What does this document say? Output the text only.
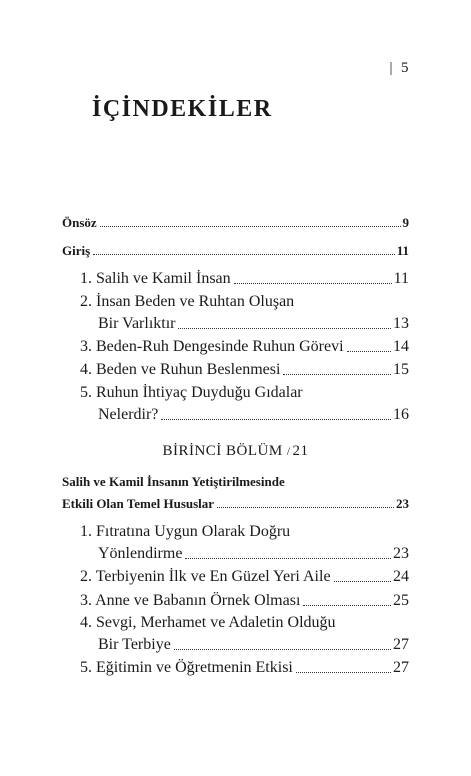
| 5
İÇİNDEKİLER
Önsöz	9
Giriş	11
1. Salih ve Kamil İnsan	11
2. İnsan Beden ve Ruhtan Oluşan
Bir Varlıktır	13
3. Beden-Ruh Dengesinde Ruhun Görevi	14
4. Beden ve Ruhun Beslenmesi	15
5. Ruhun İhtiyaç Duyduğu Gıdalar
Nelerdir?	16
BİRİNCİ BÖLÜM / 21
Salih ve Kamil İnsanın Yetiştirilmesinde
Etkili Olan Temel Hususlar	23
1. Fıtratına Uygun Olarak Doğru
Yönlendirme	23
2. Terbiyenin İlk ve En Güzel Yeri Aile	24
3. Anne ve Babanın Örnek Olması	25
4. Sevgi, Merhamet ve Adaletin Olduğu
Bir Terbiye	27
5. Eğitimin ve Öğretmenin Etkisi	27
